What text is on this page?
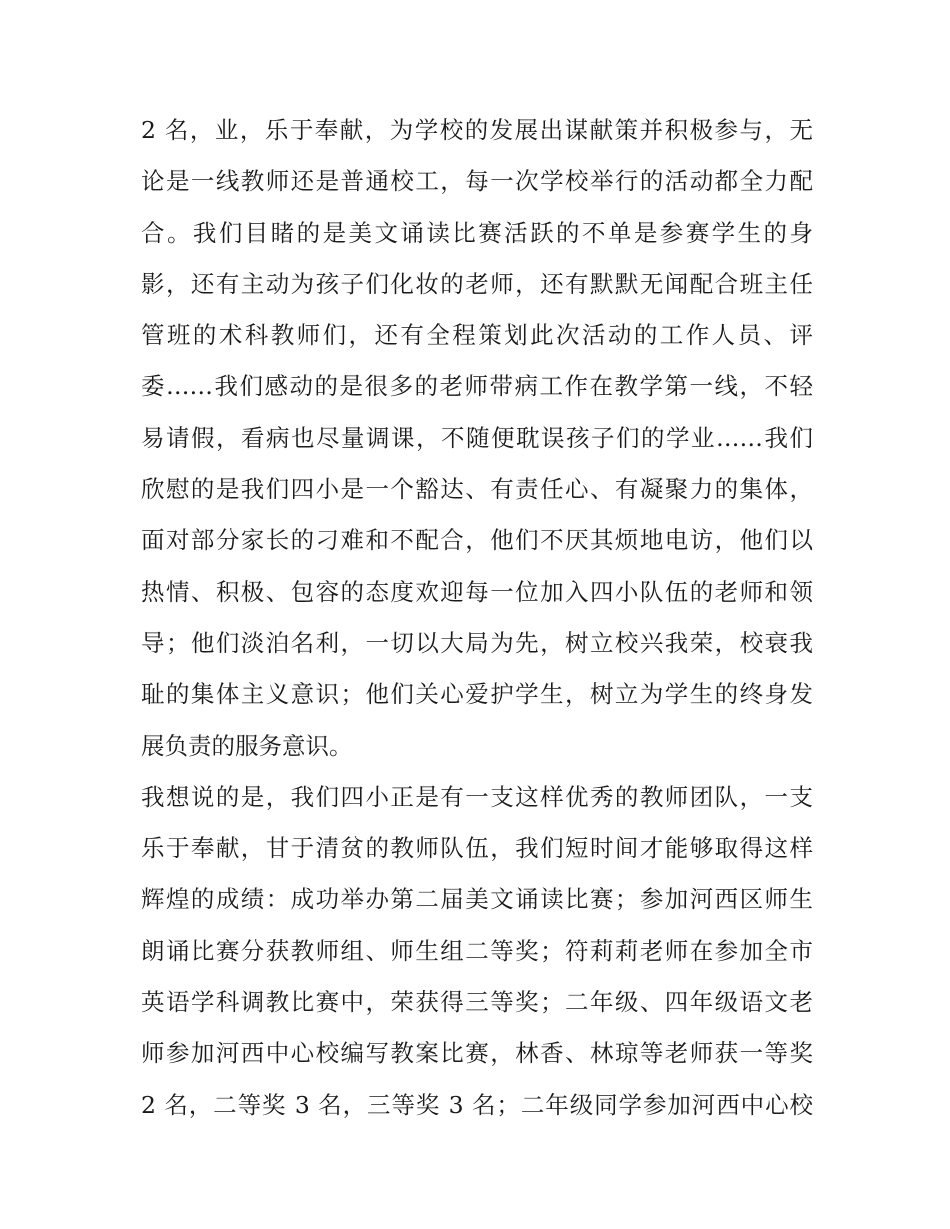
2 名，业，乐于奉献，为学校的发展出谋献策并积极参与，无
论是一线教师还是普通校工，每一次学校举行的活动都全力配
合。我们目睹的是美文诵读比赛活跃的不单是参赛学生的身
影，还有主动为孩子们化妆的老师，还有默默无闻配合班主任
管班的术科教师们，还有全程策划此次活动的工作人员、评
委……我们感动的是很多的老师带病工作在教学第一线，不轻
易请假，看病也尽量调课，不随便耽误孩子们的学业……我们
欣慰的是我们四小是一个豁达、有责任心、有凝聚力的集体，
面对部分家长的刁难和不配合，他们不厌其烦地电访，他们以
热情、积极、包容的态度欢迎每一位加入四小队伍的老师和领
导；他们淡泊名利，一切以大局为先，树立校兴我荣，校衰我
耻的集体主义意识；他们关心爱护学生，树立为学生的终身发
展负责的服务意识。
我想说的是，我们四小正是有一支这样优秀的教师团队，一支
乐于奉献，甘于清贫的教师队伍，我们短时间才能够取得这样
辉煌的成绩：成功举办第二届美文诵读比赛；参加河西区师生
朗诵比赛分获教师组、师生组二等奖；符莉莉老师在参加全市
英语学科调教比赛中，荣获得三等奖；二年级、四年级语文老
师参加河西中心校编写教案比赛，林香、林琼等老师获一等奖
2 名，二等奖 3 名，三等奖 3 名；二年级同学参加河西中心校
